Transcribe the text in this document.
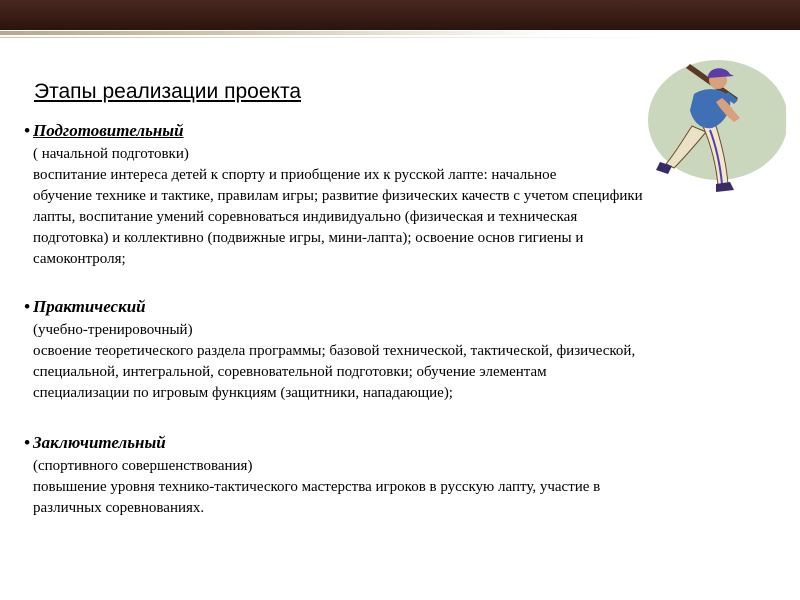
Этапы реализации проекта
• Подготовительный
( начальной подготовки)
воспитание интереса детей к спорту и приобщение их к русской лапте: начальное
обучение технике и тактике, правилам игры; развитие физических качеств с учетом специфики
лапты, воспитание умений соревноваться индивидуально (физическая и техническая
подготовка) и коллективно (подвижные игры, мини-лапта); освоение основ гигиены и
самоконтроля;
• Практический
(учебно-тренировочный)
освоение теоретического раздела программы; базовой технической, тактической, физической,
специальной, интегральной, соревновательной подготовки; обучение элементам
специализации по игровым функциям (защитники, нападающие);
• Заключительный
(спортивного совершенствования)
повышение уровня технико-тактического мастерства игроков в русскую лапту, участие в
различных соревнованиях.
